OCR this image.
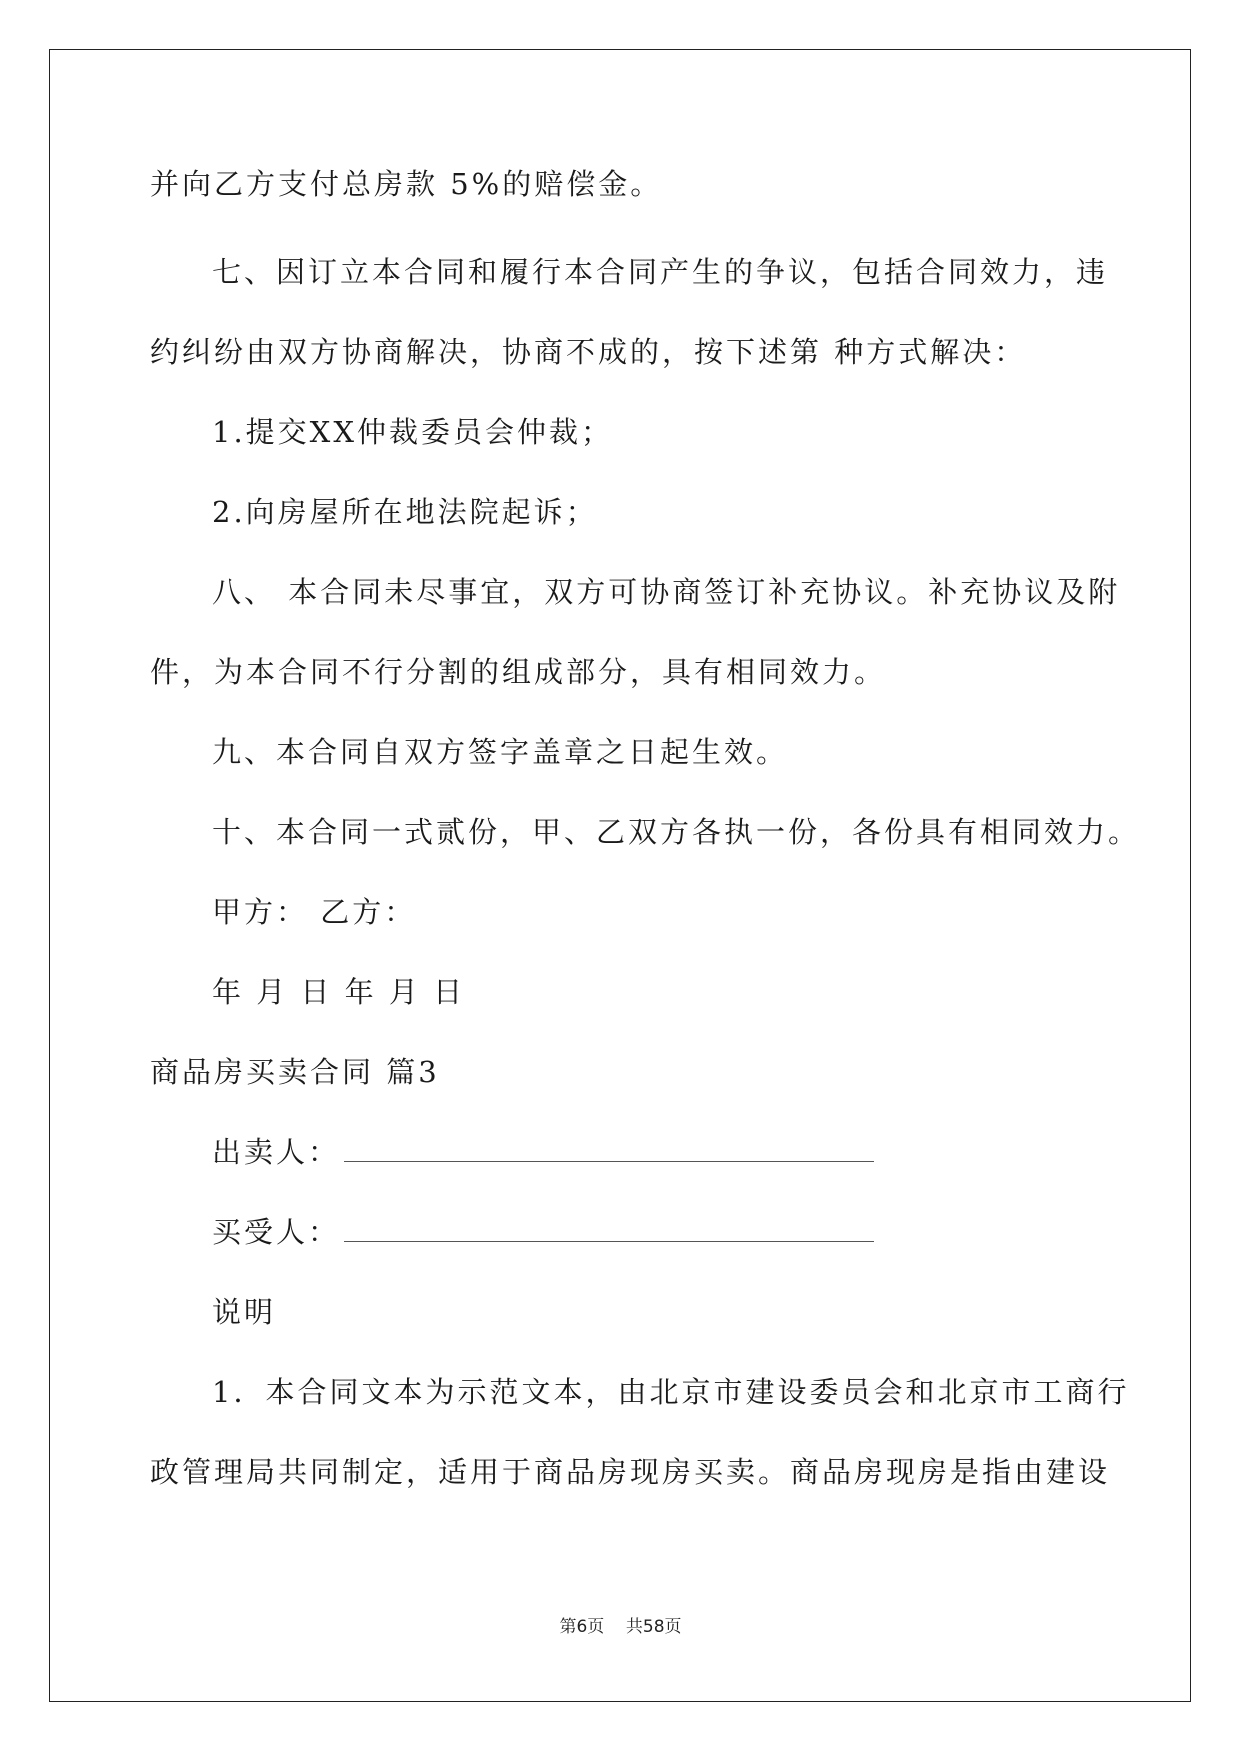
并向乙方支付总房款 5%的赔偿金。
七、因订立本合同和履行本合同产生的争议，包括合同效力，违
约纠纷由双方协商解决，协商不成的，按下述第 种方式解决：
1.提交XX仲裁委员会仲裁；
2.向房屋所在地法院起诉；
八、 本合同未尽事宜，双方可协商签订补充协议。补充协议及附
件，为本合同不行分割的组成部分，具有相同效力。
九、本合同自双方签字盖章之日起生效。
十、本合同一式贰份，甲、乙双方各执一份，各份具有相同效力。
甲方： 乙方：
年 月 日 年 月 日
商品房买卖合同 篇3
出卖人：
买受人：
说明
1．本合同文本为示范文本，由北京市建设委员会和北京市工商行
政管理局共同制定，适用于商品房现房买卖。商品房现房是指由建设
第6页    共58页
